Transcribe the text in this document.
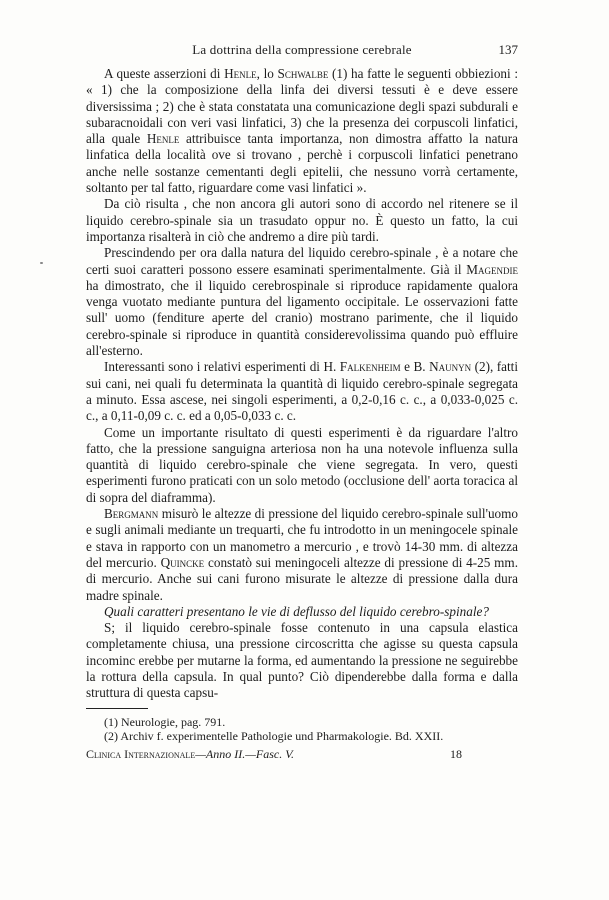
La dottrina della compressione cerebrale	137

A queste asserzioni di Henle, lo Schwalbe (1) ha fatte le seguenti obbiezioni : « 1) che la composizione della linfa dei diversi tessuti è e deve essere diversissima ; 2) che è stata constatata una comunicazione degli spazi subdurali e subaracnoidali con veri vasi linfatici, 3) che la presenza dei corpuscoli linfatici, alla quale Henle attribuisce tanta importanza, non dimostra affatto la natura linfatica della località ove si trovano , perchè i corpuscoli linfatici penetrano anche nelle sostanze cementanti degli epitelii, che nessuno vorrà certamente, soltanto per tal fatto, riguardare come vasi linfatici ».

Da ciò risulta , che non ancora gli autori sono di accordo nel ritenere se il liquido cerebro-spinale sia un trasudato oppur no. È questo un fatto, la cui importanza risalterà in ciò che andremo a dire più tardi.

Prescindendo per ora dalla natura del liquido cerebro-spinale , è a notare che certi suoi caratteri possono essere esaminati sperimentalmente. Già il Magendie ha dimostrato, che il liquido cerebrospinale si riproduce rapidamente qualora venga vuotato mediante puntura del ligamento occipitale. Le osservazioni fatte sull' uomo (fenditure aperte del cranio) mostrano parimente, che il liquido cerebro-spinale si riproduce in quantità considerevolissima quando può effluire all'esterno.

Interessanti sono i relativi esperimenti di H. Falkenheim e B. Naunyn (2), fatti sui cani, nei quali fu determinata la quantità di liquido cerebro-spinale segregata a minuto. Essa ascese, nei singoli esperimenti, a 0,2-0,16 c. c., a 0,033-0,025 c. c., a 0,11-0,09 c. c. ed a 0,05-0,033 c. c.

Come un importante risultato di questi esperimenti è da riguardare l'altro fatto, che la pressione sanguigna arteriosa non ha una notevole influenza sulla quantità di liquido cerebro-spinale che viene segregata. In vero, questi esperimenti furono praticati con un solo metodo (occlusione dell' aorta toracica al di sopra del diaframma).

Bergmann misurò le altezze di pressione del liquido cerebro-spinale sull'uomo e sugli animali mediante un trequarti, che fu introdotto in un meningocele spinale e stava in rapporto con un manometro a mercurio , e trovò 14-30 mm. di altezza del mercurio. Quincke constatò sui meningoceli altezze di pressione di 4-25 mm. di mercurio. Anche sui cani furono misurate le altezze di pressione dalla dura madre spinale.

Quali caratteri presentano le vie di deflusso del liquido cerebro-spinale?

S; il liquido cerebro-spinale fosse contenuto in una capsula elastica completamente chiusa, una pressione circoscritta che agisse su questa capsula incominc erebbe per mutarne la forma, ed aumentando la pressione ne seguirebbe la rottura della capsula. In qual punto? Ciò dipenderebbe dalla forma e dalla struttura di questa capsu-

(1) Neurologie, pag. 791.

(2) Archiv f. experimentelle Pathologie und Pharmakologie. Bd. XXII.

Clinica Internazionale—Anno II.—Fasc. V.	18
